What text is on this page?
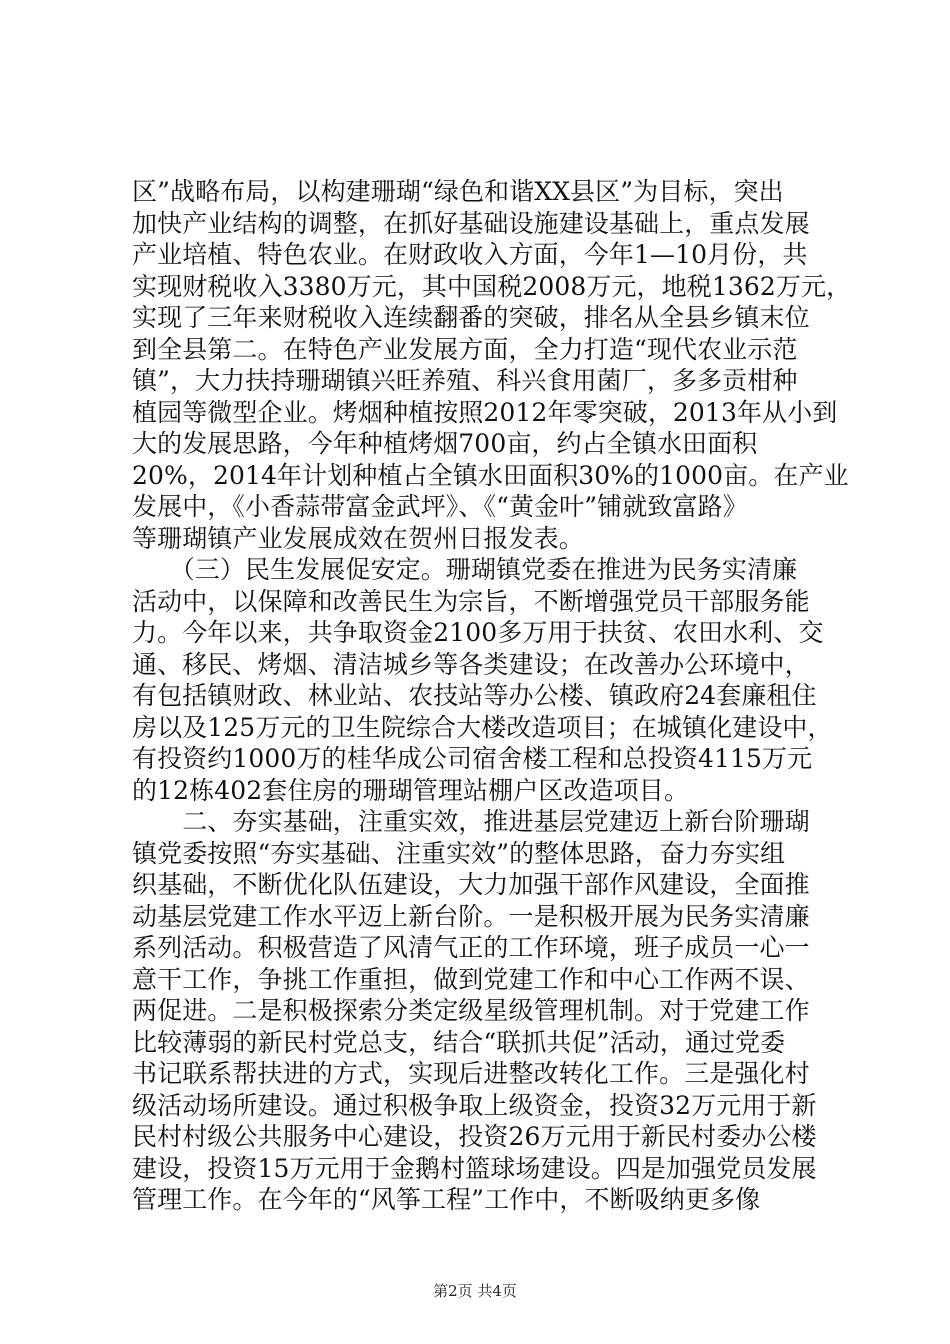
区”战略布局，以构建珊瑚“绿色和谐XX县区”为目标，突出
加快产业结构的调整，在抓好基础设施建设基础上，重点发展
产业培植、特色农业。在财政收入方面，今年1—10月份，共
实现财税收入3380万元，其中国税2008万元，地税1362万元，
实现了三年来财税收入连续翻番的突破，排名从全县乡镇末位
到全县第二。在特色产业发展方面，全力打造“现代农业示范
镇”，大力扶持珊瑚镇兴旺养殖、科兴食用菌厂，多多贡柑种
植园等微型企业。烤烟种植按照2012年零突破，2013年从小到
大的发展思路，今年种植烤烟700亩，约占全镇水田面积
20%，2014年计划种植占全镇水田面积30%的1000亩。在产业
发展中，《小香蒜带富金武坪》、《“黄金叶”铺就致富路》
等珊瑚镇产业发展成效在贺州日报发表。
　　（三）民生发展促安定。珊瑚镇党委在推进为民务实清廉
活动中，以保障和改善民生为宗旨，不断增强党员干部服务能
力。今年以来，共争取资金2100多万用于扶贫、农田水利、交
通、移民、烤烟、清洁城乡等各类建设；在改善办公环境中，
有包括镇财政、林业站、农技站等办公楼、镇政府24套廉租住
房以及125万元的卫生院综合大楼改造项目；在城镇化建设中，
有投资约1000万的桂华成公司宿舍楼工程和总投资4115万元
的12栋402套住房的珊瑚管理站棚户区改造项目。
　　二、夯实基础，注重实效，推进基层党建迈上新台阶珊瑚
镇党委按照“夯实基础、注重实效”的整体思路，奋力夯实组
织基础，不断优化队伍建设，大力加强干部作风建设，全面推
动基层党建工作水平迈上新台阶。一是积极开展为民务实清廉
系列活动。积极营造了风清气正的工作环境，班子成员一心一
意干工作，争挑工作重担，做到党建工作和中心工作两不误、
两促进。二是积极探索分类定级星级管理机制。对于党建工作
比较薄弱的新民村党总支，结合“联抓共促”活动，通过党委
书记联系帮扶进的方式，实现后进整改转化工作。三是强化村
级活动场所建设。通过积极争取上级资金，投资32万元用于新
民村村级公共服务中心建设，投资26万元用于新民村委办公楼
建设，投资15万元用于金鹅村篮球场建设。四是加强党员发展
管理工作。在今年的“风筝工程”工作中，不断吸纳更多像
第2页 共4页
